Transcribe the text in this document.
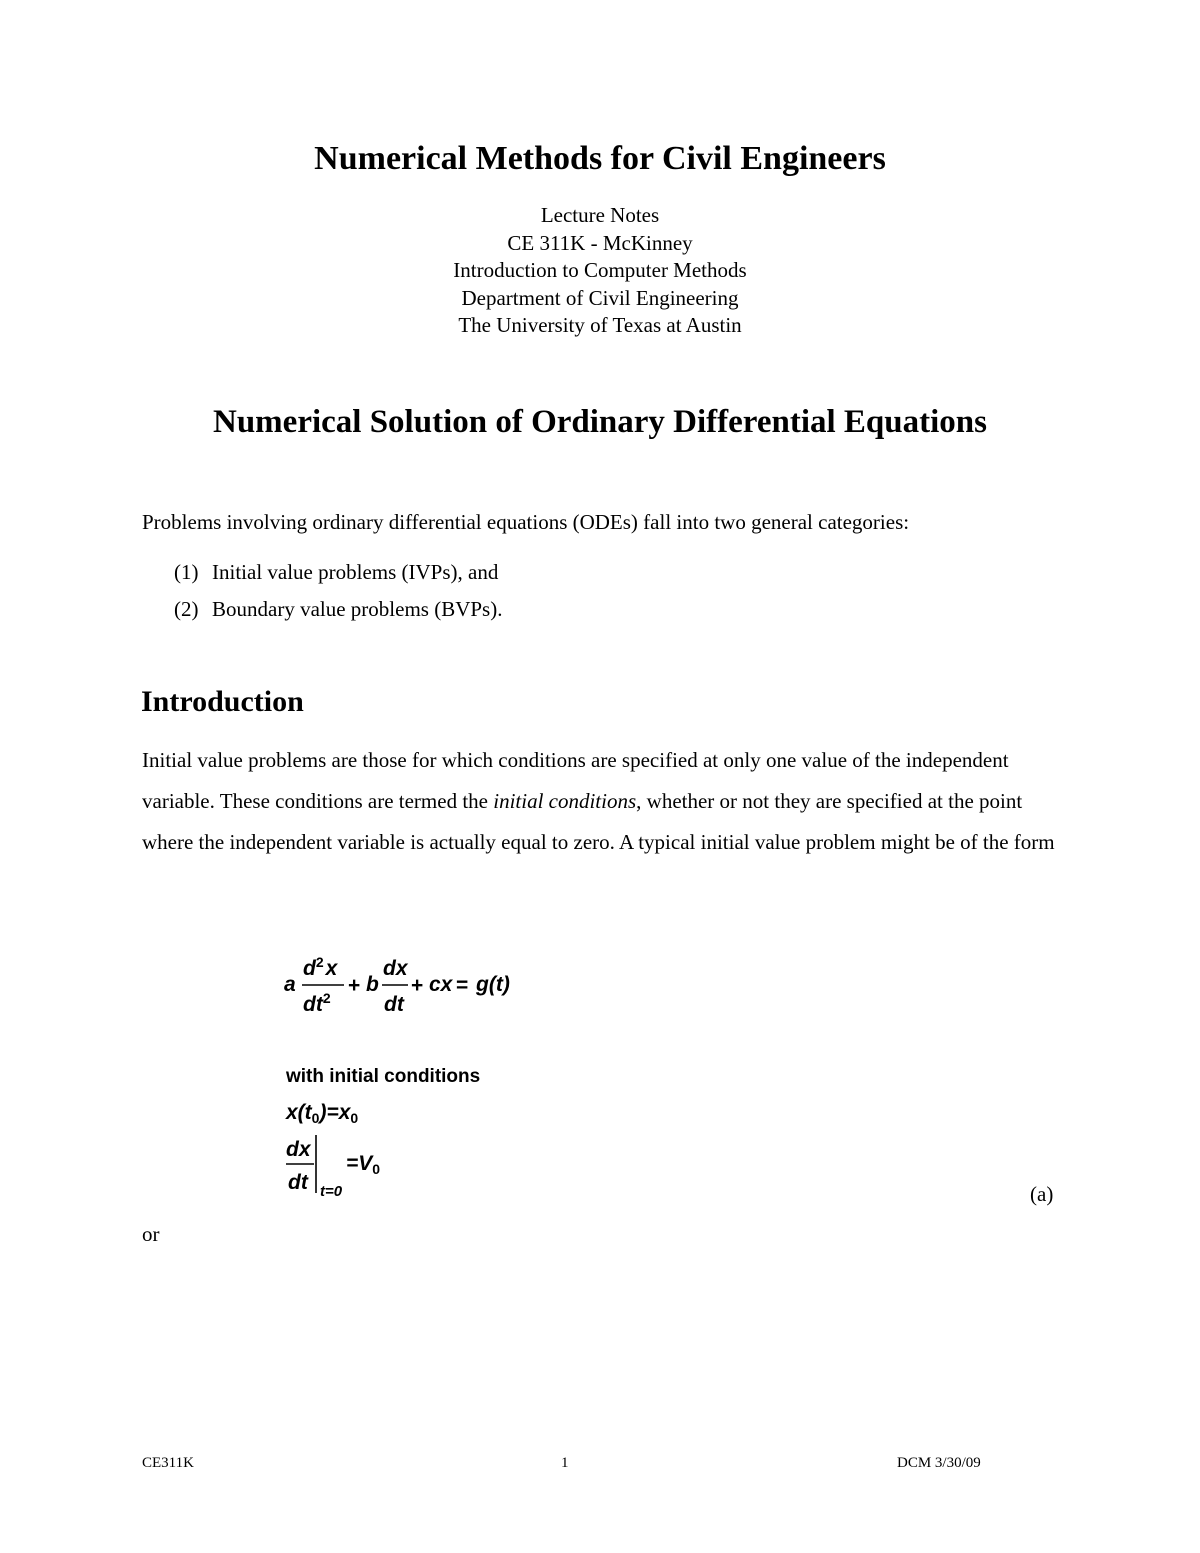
Numerical Methods for Civil Engineers
Lecture Notes
CE 311K - McKinney
Introduction to Computer Methods
Department of Civil Engineering
The University of Texas at Austin
Numerical Solution of Ordinary Differential Equations
Problems involving ordinary differential equations (ODEs) fall into two general categories:
(1) Initial value problems (IVPs), and
(2) Boundary value problems (BVPs).
Introduction
Initial value problems are those for which conditions are specified at only one value of the independent variable. These conditions are termed the initial conditions, whether or not they are specified at the point where the independent variable is actually equal to zero. A typical initial value problem might be of the form
a
$d^2x$
$dt^2$
+ b
dx
dt
+ cx = g(t)
with initial conditions
x(t0)=x0
dx
dt t=0
=V0
(a)
or
CE311K	1	DCM 3/30/09
